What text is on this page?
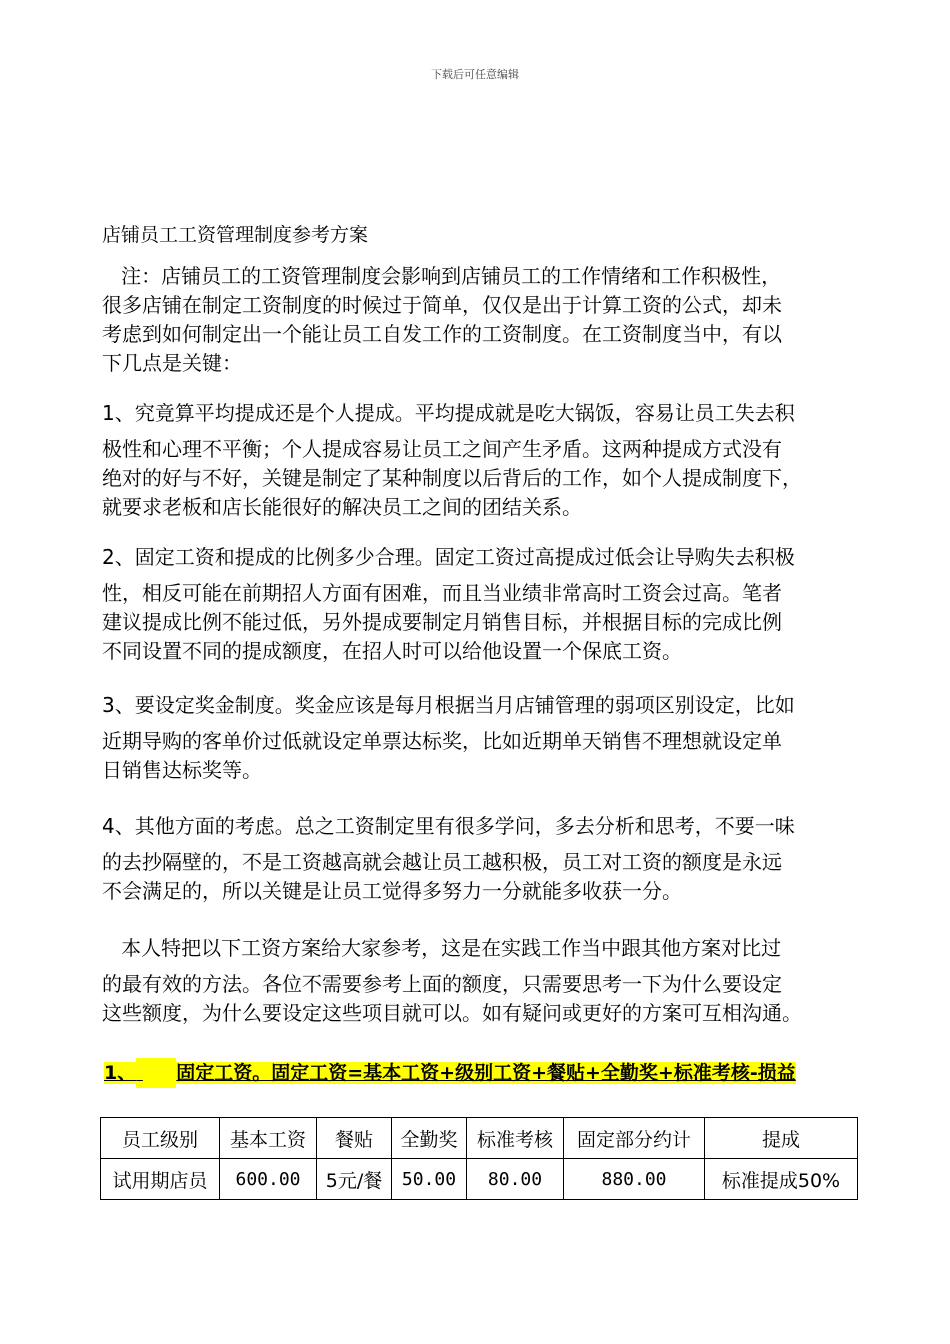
下载后可任意编辑
店铺员工工资管理制度参考方案
注：店铺员工的工资管理制度会影响到店铺员工的工作情绪和工作积极性，
很多店铺在制定工资制度的时候过于简单，仅仅是出于计算工资的公式，却未
考虑到如何制定出一个能让员工自发工作的工资制度。在工资制度当中，有以
下几点是关键：
1、究竟算平均提成还是个人提成。平均提成就是吃大锅饭，容易让员工失去积
极性和心理不平衡；个人提成容易让员工之间产生矛盾。这两种提成方式没有
绝对的好与不好，关键是制定了某种制度以后背后的工作，如个人提成制度下，
就要求老板和店长能很好的解决员工之间的团结关系。
2、固定工资和提成的比例多少合理。固定工资过高提成过低会让导购失去积极
性，相反可能在前期招人方面有困难，而且当业绩非常高时工资会过高。笔者
建议提成比例不能过低，另外提成要制定月销售目标，并根据目标的完成比例
不同设置不同的提成额度，在招人时可以给他设置一个保底工资。
3、要设定奖金制度。奖金应该是每月根据当月店铺管理的弱项区别设定，比如
近期导购的客单价过低就设定单票达标奖，比如近期单天销售不理想就设定单
日销售达标奖等。
4、其他方面的考虑。总之工资制定里有很多学问，多去分析和思考，不要一味
的去抄隔壁的，不是工资越高就会越让员工越积极，员工对工资的额度是永远
不会满足的，所以关键是让员工觉得多努力一分就能多收获一分。
本人特把以下工资方案给大家参考，这是在实践工作当中跟其他方案对比过
的最有效的方法。各位不需要参考上面的额度，只需要思考一下为什么要设定
这些额度，为什么要设定这些项目就可以。如有疑问或更好的方案可互相沟通。
1、 固定工资。固定工资=基本工资+级别工资+餐贴+全勤奖+标准考核-损益
员工级别	基本工资	餐贴	全勤奖	标准考核	固定部分约计	提成
试用期店员	600.00	5元/餐	50.00	80.00	880.00	标准提成50%
